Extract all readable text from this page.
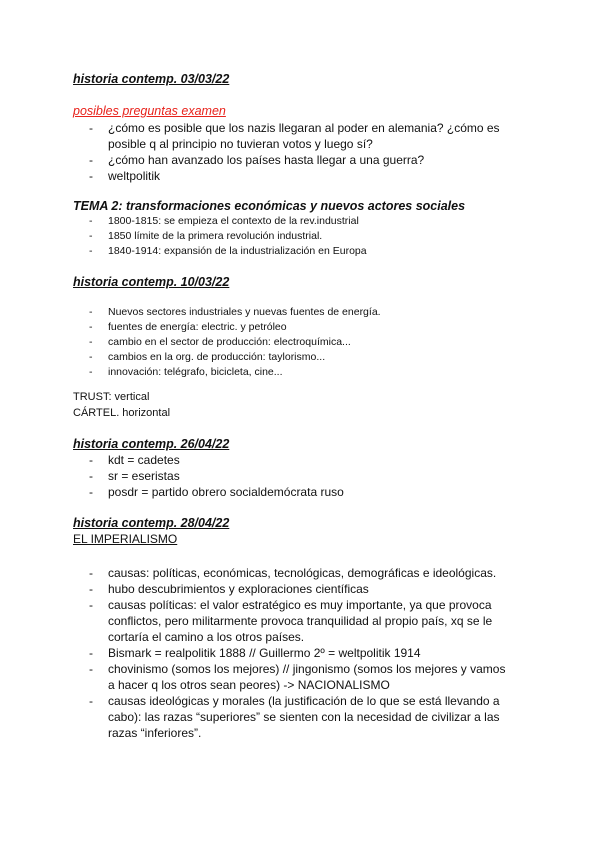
historia contemp. 03/03/22
posibles preguntas examen
- ¿cómo es posible que los nazis llegaran al poder en alemania? ¿cómo es posible q al principio no tuvieran votos y luego sí?
- ¿cómo han avanzado los países hasta llegar a una guerra?
- weltpolitik
TEMA 2: transformaciones económicas y nuevos actores sociales
- 1800-1815: se empieza el contexto de la rev.industrial
- 1850 límite de la primera revolución industrial.
- 1840-1914: expansión de la industrialización en Europa
historia contemp. 10/03/22
- Nuevos sectores industriales y nuevas fuentes de energía.
- fuentes de energía: electric. y petróleo
- cambio en el sector de producción: electroquímica...
- cambios en la org. de producción: taylorismo...
- innovación: telégrafo, bicicleta, cine...
TRUST: vertical
CÁRTEL. horizontal
historia contemp. 26/04/22
- kdt = cadetes
- sr = eseristas
- posdr = partido obrero socialdemócrata ruso
historia contemp. 28/04/22
EL IMPERIALISMO
- causas: políticas, económicas, tecnológicas, demográficas e ideológicas.
- hubo descubrimientos y exploraciones científicas
- causas políticas: el valor estratégico es muy importante, ya que provoca conflictos, pero militarmente provoca tranquilidad al propio país, xq se le cortaría el camino a los otros países.
- Bismark = realpolitik 1888 // Guillermo 2º = weltpolitik 1914
- chovinismo (somos los mejores) // jingonismo (somos los mejores y vamos a hacer q los otros sean peores) -> NACIONALISMO
- causas ideológicas y morales (la justificación de lo que se está llevando a cabo): las razas “superiores” se sienten con la necesidad de civilizar a las razas “inferiores”.
